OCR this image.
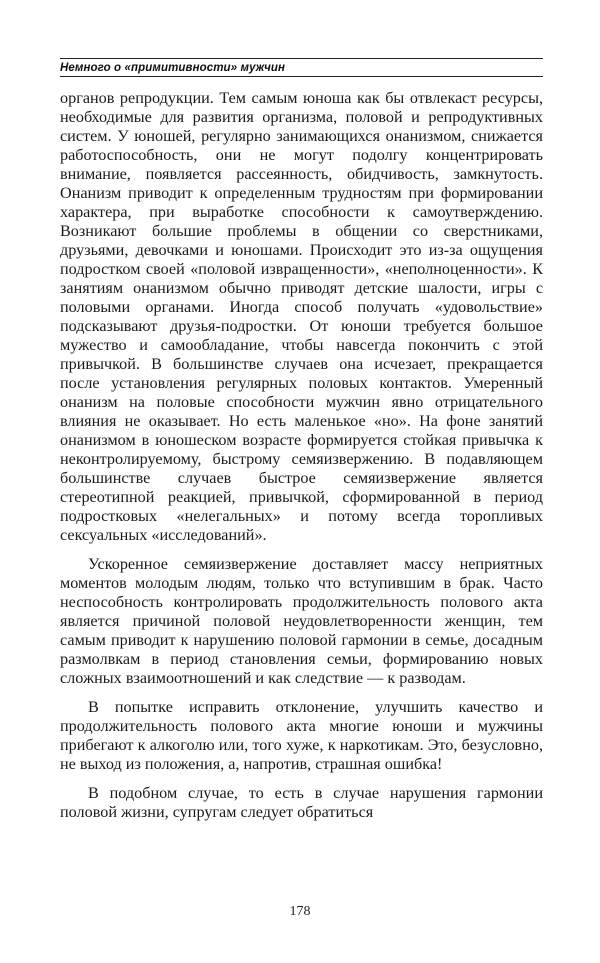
Немного о «примитивности» мужчин

органов репродукции. Тем самым юноша как бы отвлекаст ресурсы, необходимые для развития организма, половой и репродуктивных систем. У юношей, регулярно занимающихся онанизмом, снижается работоспособность, они не могут подолгу концентрировать внимание, появляется рассеянность, обидчивость, замкнутость. Онанизм приводит к определенным трудностям при формировании характера, при выработке способности к самоутверждению. Возникают большие проблемы в общении со сверстниками, друзьями, девочками и юношами. Происходит это из-за ощущения подростком своей «половой извращенности», «неполноценности». К занятиям онанизмом обычно приводят детские шалости, игры с половыми органами. Иногда способ получать «удовольствие» подсказывают друзья-подростки. От юноши требуется большое мужество и самообладание, чтобы навсегда покончить с этой привычкой. В большинстве случаев она исчезает, прекращается после установления регулярных половых контактов. Умеренный онанизм на половые способности мужчин явно отрицательного влияния не оказывает. Но есть маленькое «но». На фоне занятий онанизмом в юношеском возрасте формируется стойкая привычка к неконтролируемому, быстрому семяизвержению. В подавляющем большинстве случаев быстрое семяизвержение является стереотипной реакцией, привычкой, сформированной в период подростковых «нелегальных» и потому всегда торопливых сексуальных «исследований».

Ускоренное семяизвержение доставляет массу неприятных моментов молодым людям, только что вступившим в брак. Часто неспособность контролировать продолжительность полового акта является причиной половой неудовлетворенности женщин, тем самым приводит к нарушению половой гармонии в семье, досадным размолвкам в период становления семьи, формированию новых сложных взаимоотношений и как следствие — к разводам.

В попытке исправить отклонение, улучшить качество и продолжительность полового акта многие юноши и мужчины прибегают к алкоголю или, того хуже, к наркотикам. Это, безусловно, не выход из положения, а, напротив, страшная ошибка!

В подобном случае, то есть в случае нарушения гармонии половой жизни, супругам следует обратиться

178
